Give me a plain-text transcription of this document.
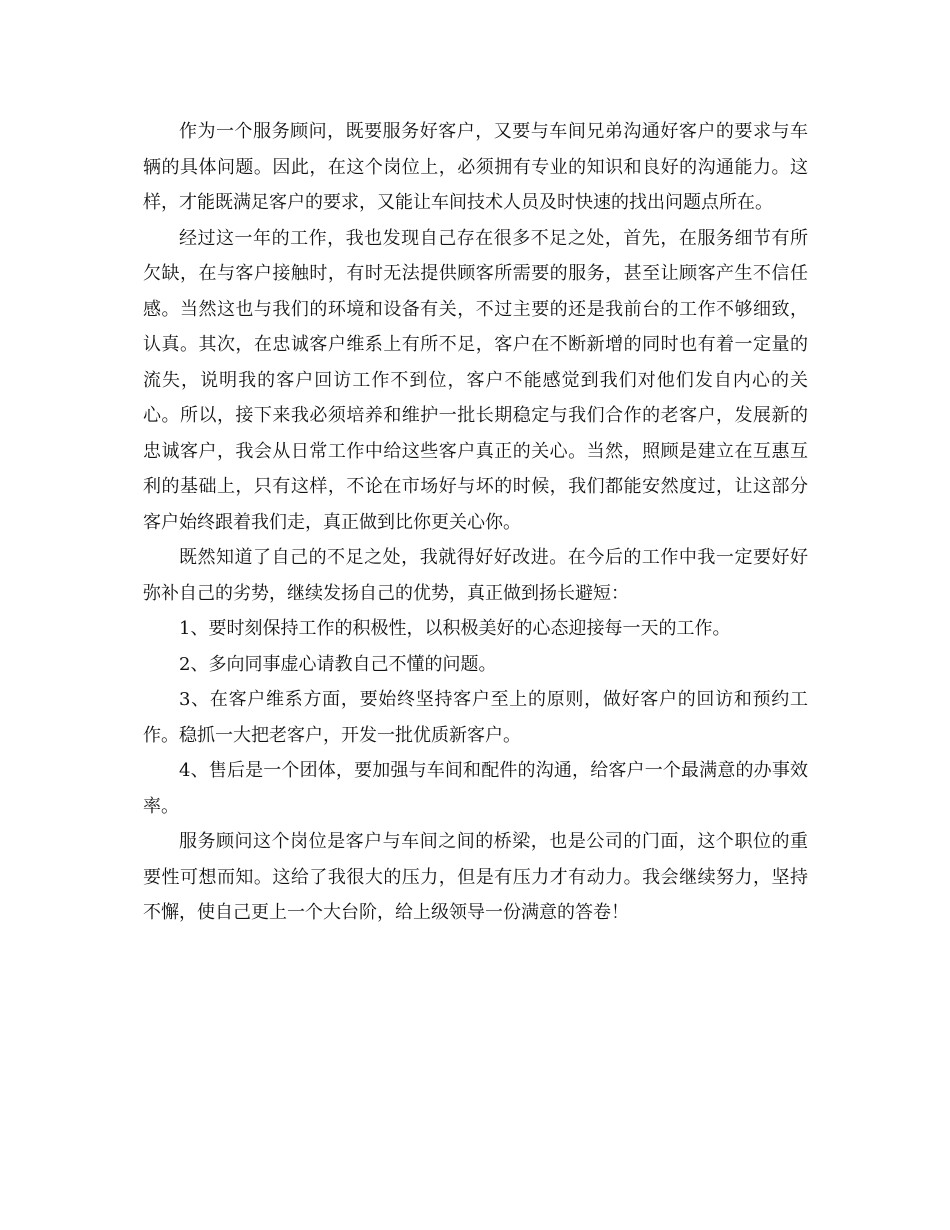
作为一个服务顾问，既要服务好客户，又要与车间兄弟沟通好客户的要求与车辆的具体问题。因此，在这个岗位上，必须拥有专业的知识和良好的沟通能力。这样，才能既满足客户的要求，又能让车间技术人员及时快速的找出问题点所在。

经过这一年的工作，我也发现自己存在很多不足之处，首先，在服务细节有所欠缺，在与客户接触时，有时无法提供顾客所需要的服务，甚至让顾客产生不信任感。当然这也与我们的环境和设备有关，不过主要的还是我前台的工作不够细致，认真。其次，在忠诚客户维系上有所不足，客户在不断新增的同时也有着一定量的流失，说明我的客户回访工作不到位，客户不能感觉到我们对他们发自内心的关心。所以，接下来我必须培养和维护一批长期稳定与我们合作的老客户，发展新的忠诚客户，我会从日常工作中给这些客户真正的关心。当然，照顾是建立在互惠互利的基础上，只有这样，不论在市场好与坏的时候，我们都能安然度过，让这部分客户始终跟着我们走，真正做到比你更关心你。

既然知道了自己的不足之处，我就得好好改进。在今后的工作中我一定要好好弥补自己的劣势，继续发扬自己的优势，真正做到扬长避短：

1、要时刻保持工作的积极性，以积极美好的心态迎接每一天的工作。

2、多向同事虚心请教自己不懂的问题。

3、在客户维系方面，要始终坚持客户至上的原则，做好客户的回访和预约工作。稳抓一大把老客户，开发一批优质新客户。

4、售后是一个团体，要加强与车间和配件的沟通，给客户一个最满意的办事效率。

服务顾问这个岗位是客户与车间之间的桥梁，也是公司的门面，这个职位的重要性可想而知。这给了我很大的压力，但是有压力才有动力。我会继续努力，坚持不懈，使自己更上一个大台阶，给上级领导一份满意的答卷！
